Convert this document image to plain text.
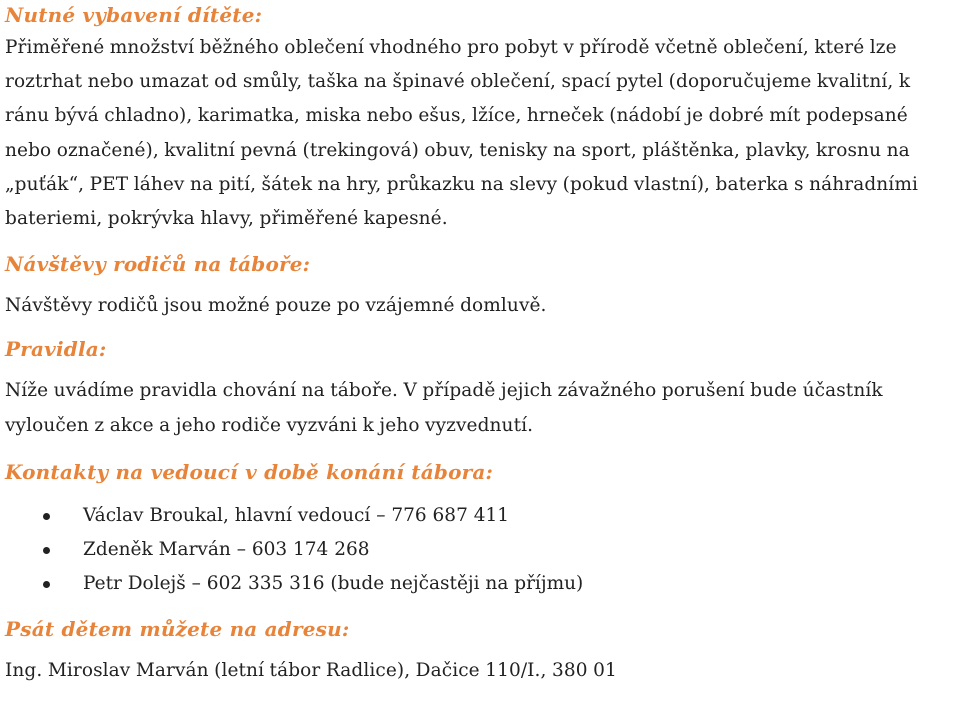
Nutné vybavení dítěte:

Přiměřené množství běžného oblečení vhodného pro pobyt v přírodě včetně oblečení, které lze roztrhat nebo umazat od smůly, taška na špinavé oblečení, spací pytel (doporučujeme kvalitní, k ránu bývá chladno), karimatka, miska nebo ešus, lžíce, hrneček (nádobí je dobré mít podepsané nebo označené), kvalitní pevná (trekingová) obuv, tenisky na sport, pláštěnka, plavky, krosnu na „puťák“, PET láhev na pití, šátek na hry, průkazku na slevy (pokud vlastní), baterka s náhradními bateriemi, pokrývka hlavy, přiměřené kapesné.

Návštěvy rodičů na táboře:

Návštěvy rodičů jsou možné pouze po vzájemné domluvě.

Pravidla:

Níže uvádíme pravidla chování na táboře. V případě jejich závažného porušení bude účastník vyloučen z akce a jeho rodiče vyzváni k jeho vyzvednutí.

Kontakty na vedoucí v době konání tábora:
Václav Broukal, hlavní vedoucí – 776 687 411
Zdeněk Marván – 603 174 268
Petr Dolejš – 602 335 316 (bude nejčastěji na příjmu)
Psát dětem můžete na adresu:

Ing. Miroslav Marván (letní tábor Radlice), Dačice 110/I., 380 01
